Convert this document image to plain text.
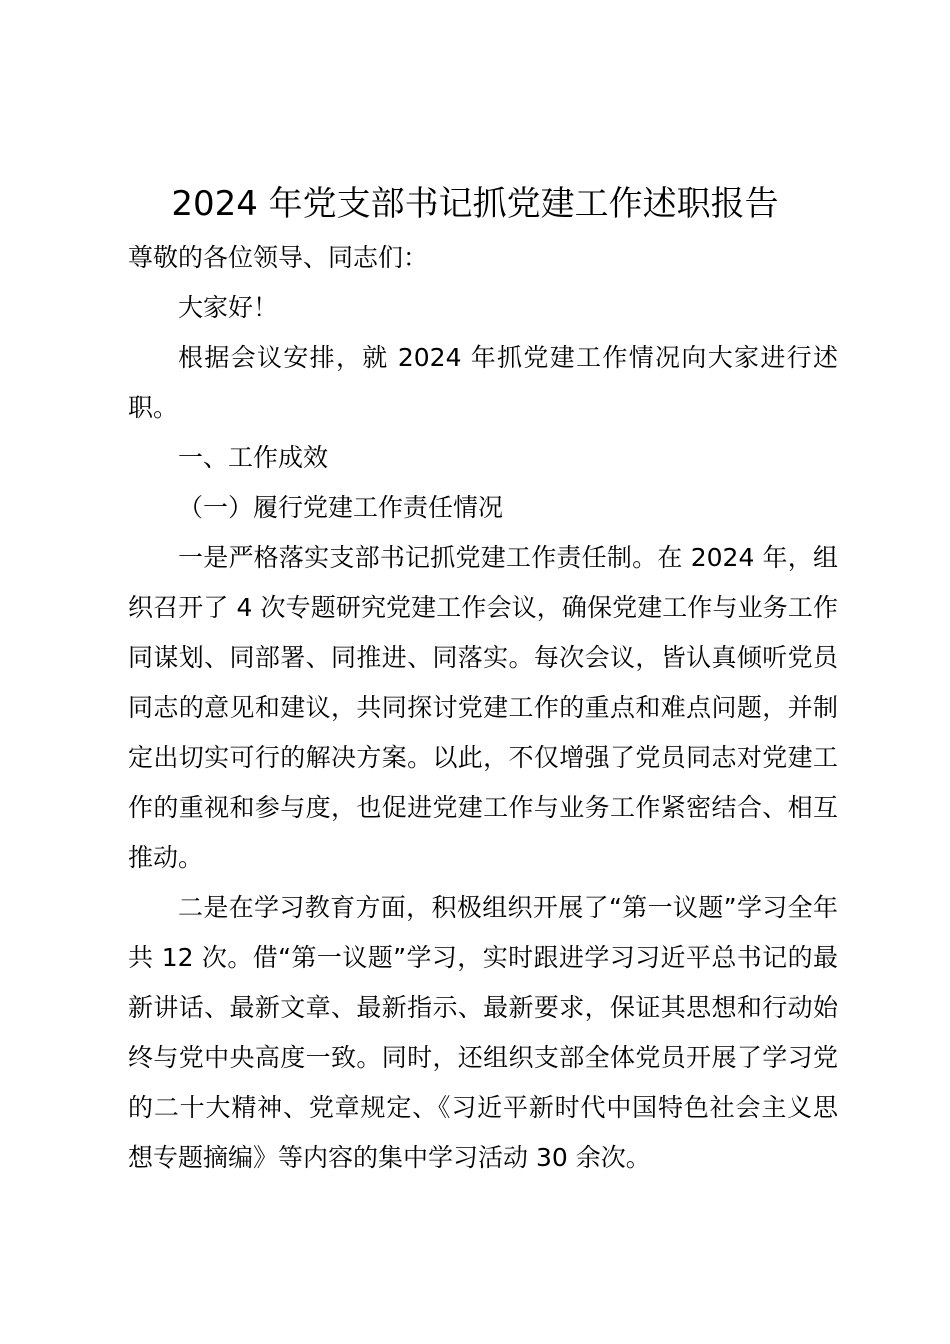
2024 年党支部书记抓党建工作述职报告

尊敬的各位领导、同志们：

大家好！

根据会议安排，就 2024 年抓党建工作情况向大家进行述职。

一、工作成效

（一）履行党建工作责任情况

一是严格落实支部书记抓党建工作责任制。在 2024 年，组织召开了 4 次专题研究党建工作会议，确保党建工作与业务工作同谋划、同部署、同推进、同落实。每次会议，皆认真倾听党员同志的意见和建议，共同探讨党建工作的重点和难点问题，并制定出切实可行的解决方案。以此，不仅增强了党员同志对党建工作的重视和参与度，也促进党建工作与业务工作紧密结合、相互推动。

二是在学习教育方面，积极组织开展了“第一议题”学习全年共 12 次。借“第一议题”学习，实时跟进学习习近平总书记的最新讲话、最新文章、最新指示、最新要求，保证其思想和行动始终与党中央高度一致。同时，还组织支部全体党员开展了学习党的二十大精神、党章规定、《习近平新时代中国特色社会主义思想专题摘编》等内容的集中学习活动 30 余次。
